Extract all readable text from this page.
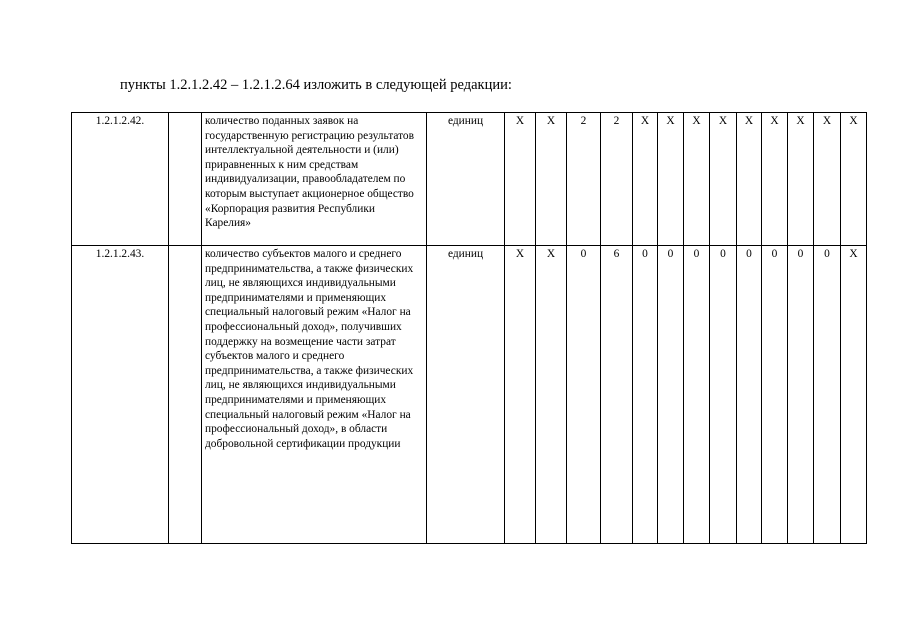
пункты 1.2.1.2.42 – 1.2.1.2.64 изложить в следующей редакции:
1.2.1.2.42.		количество поданных заявок на государственную регистрацию результатов интеллектуальной деятельности и (или) приравненных к ним средствам индивидуализации, правообладателем по которым выступает акционерное общество «Корпорация развития Республики Карелия»	единиц	Х	Х	2	2	Х	Х	Х	Х	Х	Х	Х	Х	Х
1.2.1.2.43.		количество субъектов малого и среднего предпринимательства, а также физических лиц, не являющихся индивидуальными предпринимателями и применяющих специальный налоговый режим «Налог на профессиональный доход», получивших поддержку на возмещение части затрат субъектов малого и среднего предпринимательства, а также физических лиц, не являющихся индивидуальными предпринимателями и применяющих специальный налоговый режим «Налог на профессиональный доход», в области добровольной сертификации продукции	единиц	Х	Х	0	6	0	0	0	0	0	0	0	0	Х
